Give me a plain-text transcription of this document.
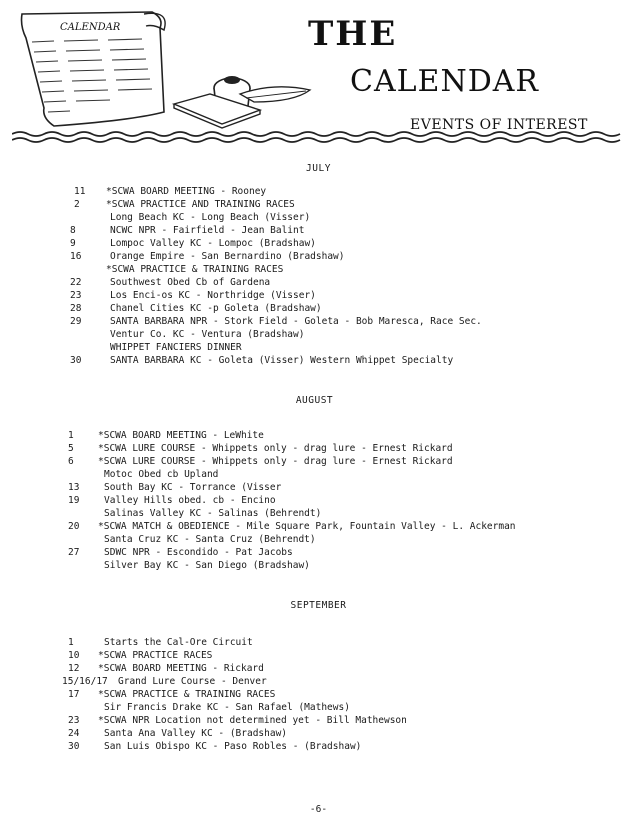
CALENDAR	THE
CALENDAR
EVENTS OF INTEREST
JULY
11 *SCWA BOARD MEETING - Rooney
2	*SCWA PRACTICE AND TRAINING RACES
Long Beach KC - Long Beach (Visser)
8	NCWC NPR - Fairfield - Jean Balint
9	Lompoc Valley KC - Lompoc (Bradshaw)
16	Orange Empire - San Bernardino (Bradshaw)
*SCWA PRACTICE & TRAINING RACES
22	Southwest Obed Cb of Gardena
23	Los Enci-os KC - Northridge (Visser)
28	Chanel Cities KC -p Goleta (Bradshaw)
29	SANTA BARBARA NPR - Stork Field - Goleta - Bob Maresca, Race Sec.
Ventur Co. KC - Ventura (Bradshaw)
WHIPPET FANCIERS DINNER
30	SANTA BARBARA KC - Goleta (Visser) Western Whippet Specialty
AUGUST
1	*SCWA BOARD MEETING - LeWhite
5	*SCWA LURE COURSE - Whippets only - drag lure - Ernest Rickard
6	*SCWA LURE COURSE - Whippets only - drag lure - Ernest Rickard
Motoc Obed cb Upland
13	South Bay KC - Torrance (Visser
19	Valley Hills obed. cb - Encino
Salinas Valley KC - Salinas (Behrendt)
20 *SCWA MATCH & OBEDIENCE - Mile Square Park, Fountain Valley - L. Ackerman
Santa Cruz KC - Santa Cruz (Behrendt)
27	SDWC NPR - Escondido - Pat Jacobs
Silver Bay KC - San Diego (Bradshaw)
SEPTEMBER
1	Starts the Cal-Ore Circuit
10 *SCWA PRACTICE RACES
12 *SCWA BOARD MEETING - Rickard
15/16/17 Grand Lure Course - Denver
17 *SCWA PRACTICE & TRAINING RACES
Sir Francis Drake KC - San Rafael (Mathews)
23 *SCWA NPR Location not determined yet - Bill Mathewson
24	Santa Ana Valley KC - (Bradshaw)
30	San Luis Obispo KC - Paso Robles - (Bradshaw)
-6-
